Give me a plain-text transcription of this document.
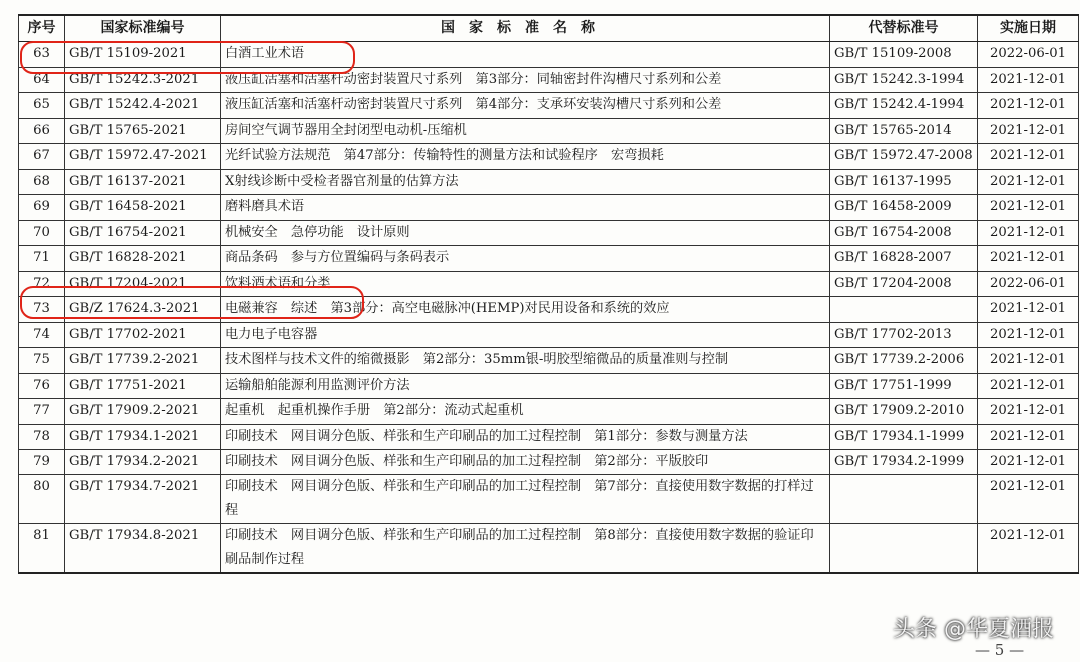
序号	国家标准编号	国家标准名称	代替标准号	实施日期
63	GB/T 15109-2021	白酒工业术语	GB/T 15109-2008	2022-06-01
64	GB/T 15242.3-2021	液压缸活塞和活塞杆动密封装置尺寸系列　第3部分：同轴密封件沟槽尺寸系列和公差	GB/T 15242.3-1994	2021-12-01
65	GB/T 15242.4-2021	液压缸活塞和活塞杆动密封装置尺寸系列　第4部分：支承环安装沟槽尺寸系列和公差	GB/T 15242.4-1994	2021-12-01
66	GB/T 15765-2021	房间空气调节器用全封闭型电动机-压缩机	GB/T 15765-2014	2021-12-01
67	GB/T 15972.47-2021	光纤试验方法规范　第47部分：传输特性的测量方法和试验程序　宏弯损耗	GB/T 15972.47-2008	2021-12-01
68	GB/T 16137-2021	X射线诊断中受检者器官剂量的估算方法	GB/T 16137-1995	2021-12-01
69	GB/T 16458-2021	磨料磨具术语	GB/T 16458-2009	2021-12-01
70	GB/T 16754-2021	机械安全　急停功能　设计原则	GB/T 16754-2008	2021-12-01
71	GB/T 16828-2021	商品条码　参与方位置编码与条码表示	GB/T 16828-2007	2021-12-01
72	GB/T 17204-2021	饮料酒术语和分类	GB/T 17204-2008	2022-06-01
73	GB/Z 17624.3-2021	电磁兼容　综述　第3部分：高空电磁脉冲(HEMP)对民用设备和系统的效应		2021-12-01
74	GB/T 17702-2021	电力电子电容器	GB/T 17702-2013	2021-12-01
75	GB/T 17739.2-2021	技术图样与技术文件的缩微摄影　第2部分：35mm银-明胶型缩微品的质量准则与控制	GB/T 17739.2-2006	2021-12-01
76	GB/T 17751-2021	运输船舶能源利用监测评价方法	GB/T 17751-1999	2021-12-01
77	GB/T 17909.2-2021	起重机　起重机操作手册　第2部分：流动式起重机	GB/T 17909.2-2010	2021-12-01
78	GB/T 17934.1-2021	印刷技术　网目调分色版、样张和生产印刷品的加工过程控制　第1部分：参数与测量方法	GB/T 17934.1-1999	2021-12-01
79	GB/T 17934.2-2021	印刷技术　网目调分色版、样张和生产印刷品的加工过程控制　第2部分：平版胶印	GB/T 17934.2-1999	2021-12-01
80	GB/T 17934.7-2021	印刷技术　网目调分色版、样张和生产印刷品的加工过程控制　第7部分：直接使用数字数据的打样过程		2021-12-01
81	GB/T 17934.8-2021	印刷技术　网目调分色版、样张和生产印刷品的加工过程控制　第8部分：直接使用数字数据的验证印刷品制作过程		2021-12-01
头条 @华夏酒报
— 5 —
